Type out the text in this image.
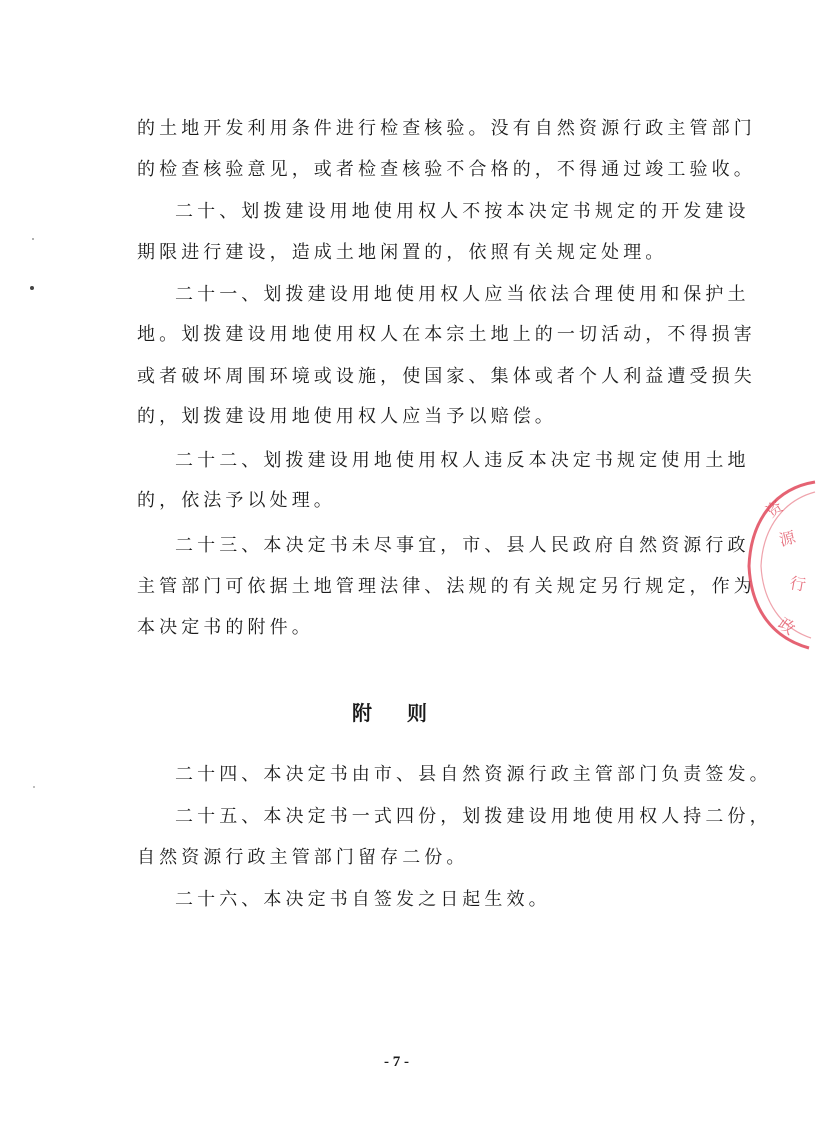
的土地开发利用条件进行检查核验。没有自然资源行政主管部门
的检查核验意见，或者检查核验不合格的，不得通过竣工验收。
二十、划拨建设用地使用权人不按本决定书规定的开发建设
期限进行建设，造成土地闲置的，依照有关规定处理。
二十一、划拨建设用地使用权人应当依法合理使用和保护土
地。划拨建设用地使用权人在本宗土地上的一切活动，不得损害
或者破坏周围环境或设施，使国家、集体或者个人利益遭受损失
的，划拨建设用地使用权人应当予以赔偿。
二十二、划拨建设用地使用权人违反本决定书规定使用土地
的，依法予以处理。
二十三、本决定书未尽事宜，市、县人民政府自然资源行政
主管部门可依据土地管理法律、法规的有关规定另行规定，作为
本决定书的附件。
附 则
二十四、本决定书由市、县自然资源行政主管部门负责签发。
二十五、本决定书一式四份，划拨建设用地使用权人持二份，
自然资源行政主管部门留存二份。
二十六、本决定书自签发之日起生效。
- 7 -
资
源
行
政
